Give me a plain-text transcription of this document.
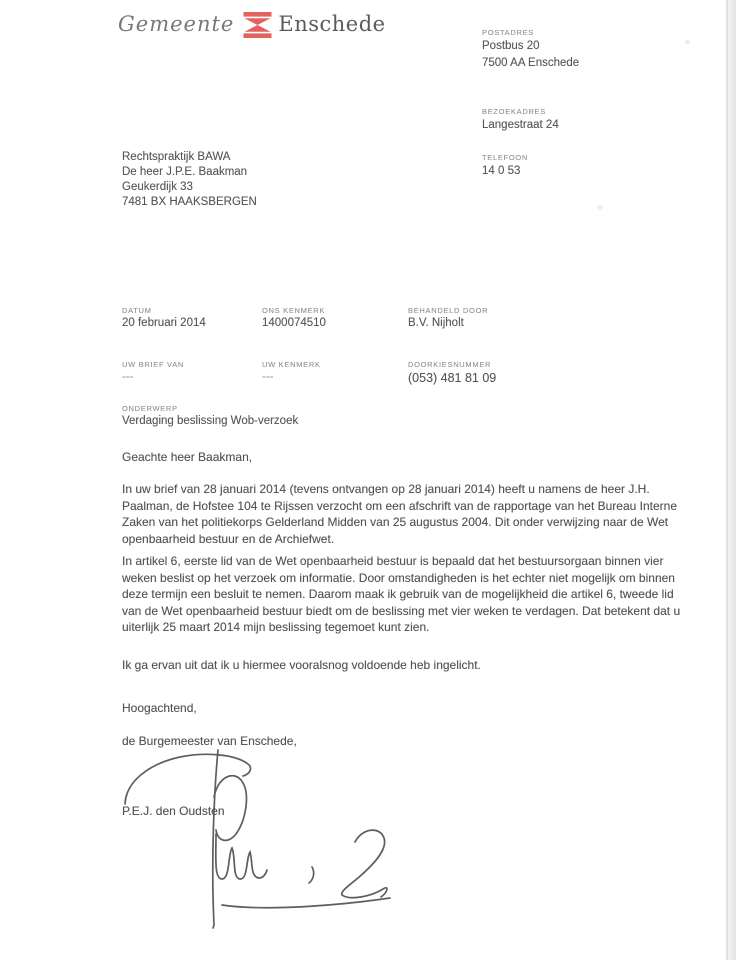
Gemeente Enschede	POSTADRES
Postbus 20
7500 AA Enschede
BEZOEKADRES
Langestraat 24
TELEFOON
14 0 53
Rechtspraktijk BAWA
De heer J.P.E. Baakman
Geukerdijk 33
7481 BX HAAKSBERGEN
DATUM
20 februari 2014
ONS KENMERK
1400074510
BEHANDELD DOOR
B.V. Nijholt
UW BRIEF VAN
---
UW KENMERK
---
DOORKIESNUMMER
(053) 481 81 09
ONDERWERP
Verdaging beslissing Wob-verzoek
Geachte heer Baakman,
In uw brief van 28 januari 2014 (tevens ontvangen op 28 januari 2014) heeft u namens de heer J.H. Paalman, de Hofstee 104 te Rijssen verzocht om een afschrift van de rapportage van het Bureau Interne Zaken van het politiekorps Gelderland Midden van 25 augustus 2004. Dit onder verwijzing naar de Wet openbaarheid bestuur en de Archiefwet.
In artikel 6, eerste lid van de Wet openbaarheid bestuur is bepaald dat het bestuursorgaan binnen vier weken beslist op het verzoek om informatie. Door omstandigheden is het echter niet mogelijk om binnen deze termijn een besluit te nemen. Daarom maak ik gebruik van de mogelijkheid die artikel 6, tweede lid van de Wet openbaarheid bestuur biedt om de beslissing met vier weken te verdagen. Dat betekent dat u uiterlijk 25 maart 2014 mijn beslissing tegemoet kunt zien.
Ik ga ervan uit dat ik u hiermee vooralsnog voldoende heb ingelicht.
Hoogachtend,
de Burgemeester van Enschede,
P.E.J. den Oudsten
